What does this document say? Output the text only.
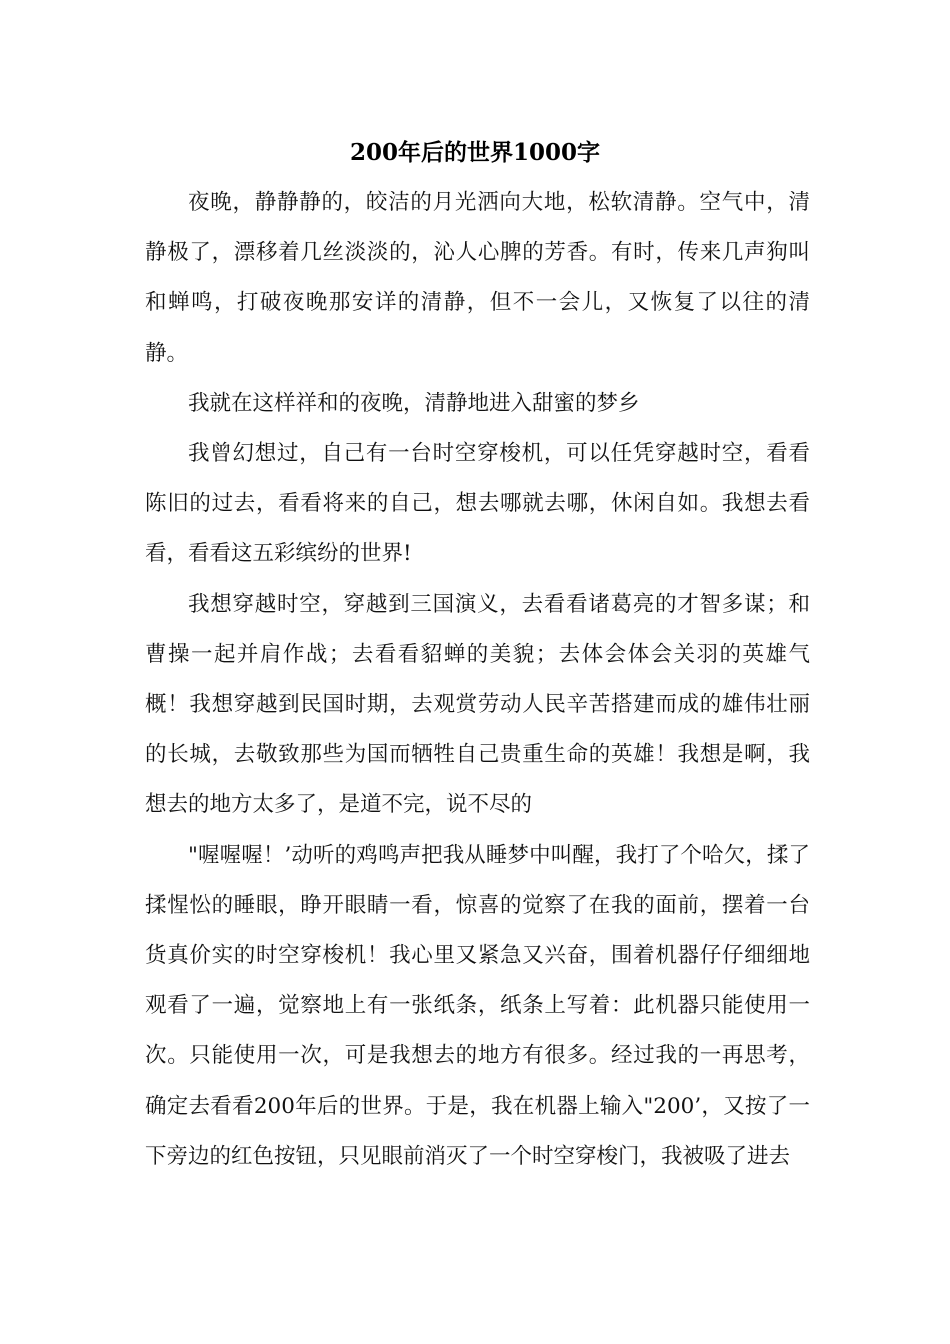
200年后的世界1000字

夜晚，静静静的，皎洁的月光洒向大地，松软清静。空气中，清静极了，漂移着几丝淡淡的，沁人心脾的芳香。有时，传来几声狗叫和蝉鸣，打破夜晚那安详的清静，但不一会儿，又恢复了以往的清静。

我就在这样祥和的夜晚，清静地进入甜蜜的梦乡

我曾幻想过，自己有一台时空穿梭机，可以任凭穿越时空，看看陈旧的过去，看看将来的自己，想去哪就去哪，休闲自如。我想去看看，看看这五彩缤纷的世界!

我想穿越时空，穿越到三国演义，去看看诸葛亮的才智多谋；和曹操一起并肩作战；去看看貂蝉的美貌；去体会体会关羽的英雄气概！我想穿越到民国时期，去观赏劳动人民辛苦搭建而成的雄伟壮丽的长城，去敬致那些为国而牺牲自己贵重生命的英雄！我想是啊，我想去的地方太多了，是道不完，说不尽的

"喔喔喔！’动听的鸡鸣声把我从睡梦中叫醒，我打了个哈欠，揉了揉惺忪的睡眼，睁开眼睛一看，惊喜的觉察了在我的面前，摆着一台货真价实的时空穿梭机！我心里又紧急又兴奋，围着机器仔仔细细地观看了一遍，觉察地上有一张纸条，纸条上写着：此机器只能使用一次。只能使用一次，可是我想去的地方有很多。经过我的一再思考，确定去看看200年后的世界。于是，我在机器上输入"200’，又按了一下旁边的红色按钮，只见眼前消灭了一个时空穿梭门，我被吸了进去
